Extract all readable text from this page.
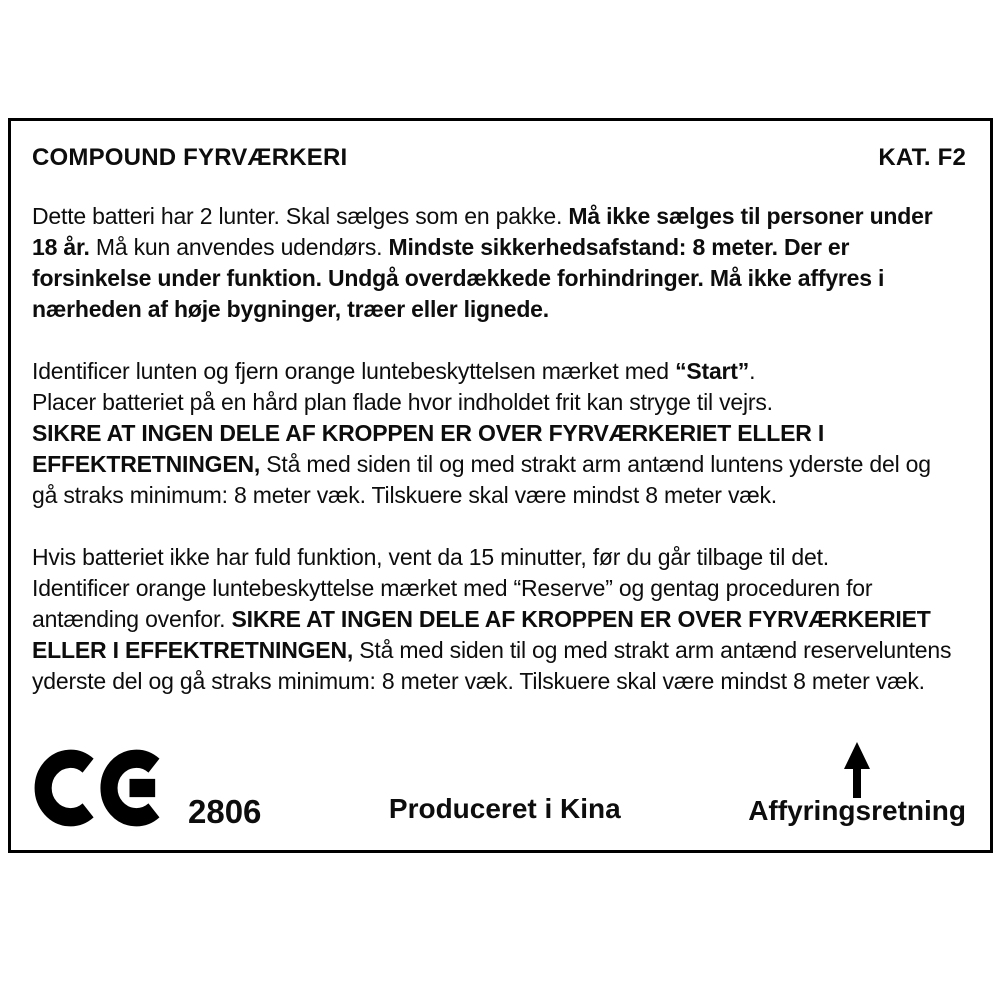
COMPOUND FYRVÆRKERI	KAT. F2

Dette batteri har 2 lunter. Skal sælges som en pakke. Må ikke sælges til personer under
18 år. Må kun anvendes udendørs. Mindste sikkerhedsafstand: 8 meter. Der er
forsinkelse under funktion. Undgå overdækkede forhindringer. Må ikke affyres i
nærheden af høje bygninger, træer eller lignede.

Identificer lunten og fjern orange luntebeskyttelsen mærket med “Start”.
Placer batteriet på en hård plan flade hvor indholdet frit kan stryge til vejrs.
SIKRE AT INGEN DELE AF KROPPEN ER OVER FYRVÆRKERIET ELLER I
EFFEKTRETNINGEN, Stå med siden til og med strakt arm antænd luntens yderste del og
gå straks minimum: 8 meter væk. Tilskuere skal være mindst 8 meter væk.

Hvis batteriet ikke har fuld funktion, vent da 15 minutter, før du går tilbage til det.
Identificer orange luntebeskyttelse mærket med “Reserve” og gentag proceduren for
antænding ovenfor. SIKRE AT INGEN DELE AF KROPPEN ER OVER FYRVÆRKERIET
ELLER I EFFEKTRETNINGEN, Stå med siden til og med strakt arm antænd reserveluntens
yderste del og gå straks minimum: 8 meter væk. Tilskuere skal være mindst 8 meter væk.

2806	Produceret i Kina	Affyringsretning
